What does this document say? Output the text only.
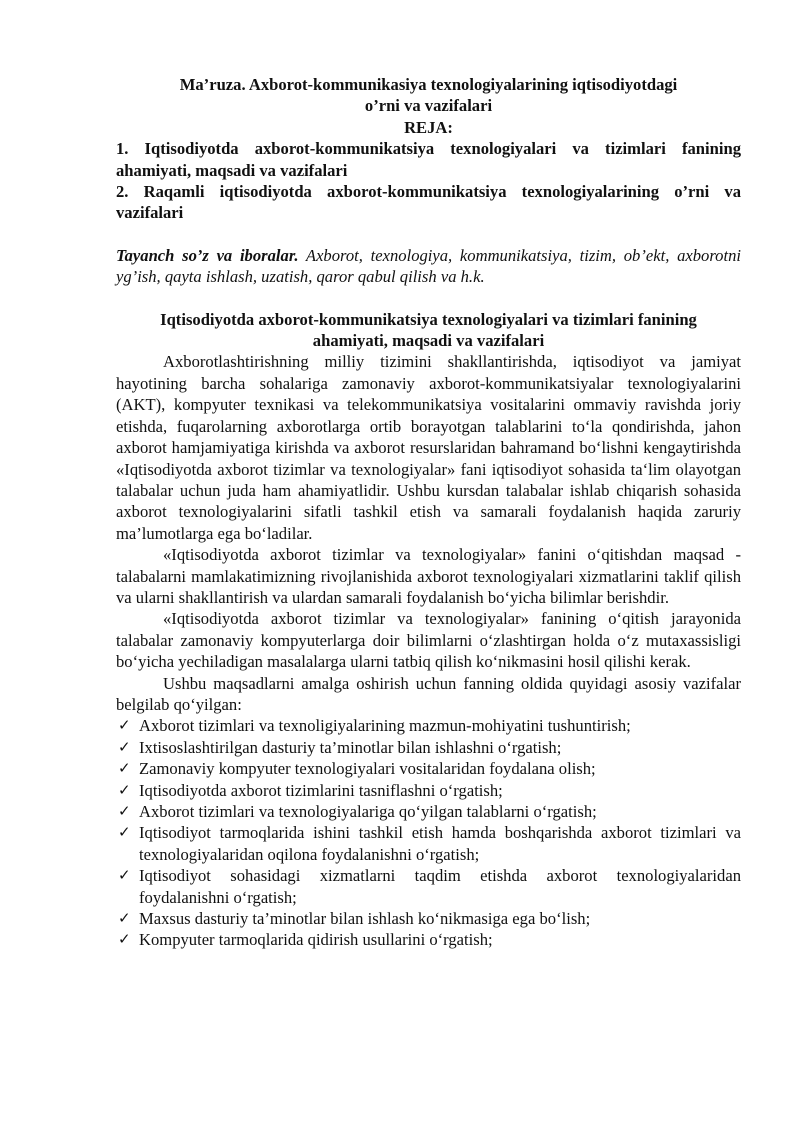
Ma’ruza. Axborot-kommunikasiya texnologiyalarining iqtisodiyotdagi
o’rni va vazifalari
REJA:
1. Iqtisodiyotda axborot-kommunikatsiya texnologiyalari va tizimlari fanining ahamiyati, maqsadi va vazifalari
2. Raqamli iqtisodiyotda axborot-kommunikatsiya texnologiyalarining o’rni va vazifalari
Tayanch so’z va iboralar. Axborot, texnologiya, kommunikatsiya, tizim, ob’ekt, axborotni yg’ish, qayta ishlash, uzatish, qaror qabul qilish va h.k.
Iqtisodiyotda axborot-kommunikatsiya texnologiyalari va tizimlari fanining
ahamiyati, maqsadi va vazifalari
Axborotlashtirishning milliy tizimini shakllantirishda, iqtisodiyot va jamiyat hayotining barcha sohalariga zamonaviy axborot-kommunikatsiyalar texnologiyalarini (AKT), kompyuter texnikasi va telekommunikatsiya vositalarini ommaviy ravishda joriy etishda, fuqarolarning axborotlarga ortib borayotgan talablarini to‘la qondirishda, jahon axborot hamjamiyatiga kirishda va axborot resurslaridan bahramand bo‘lishni kengaytirishda «Iqtisodiyotda axborot tizimlar va texnologiyalar» fani iqtisodiyot sohasida ta‘lim olayotgan talabalar uchun juda ham ahamiyatlidir. Ushbu kursdan talabalar ishlab chiqarish sohasida axborot texnologiyalarini sifatli tashkil etish va samarali foydalanish haqida zaruriy ma’lumotlarga ega bo‘ladilar.
«Iqtisodiyotda axborot tizimlar va texnologiyalar» fanini o‘qitishdan maqsad - talabalarni mamlakatimizning rivojlanishida axborot texnologiyalari xizmatlarini taklif qilish va ularni shakllantirish va ulardan samarali foydalanish bo‘yicha bilimlar berishdir.
«Iqtisodiyotda axborot tizimlar va texnologiyalar» fanining o‘qitish jarayonida talabalar zamonaviy kompyuterlarga doir bilimlarni o‘zlashtirgan holda o‘z mutaxassisligi bo‘yicha yechiladigan masalalarga ularni tatbiq qilish ko‘nikmasini hosil qilishi kerak.
Ushbu maqsadlarni amalga oshirish uchun fanning oldida quyidagi asosiy vazifalar belgilab qo‘yilgan:
✓ Axborot tizimlari va texnoligiyalarining mazmun-mohiyatini tushuntirish;
✓ Ixtisoslashtirilgan dasturiy ta’minotlar bilan ishlashni o‘rgatish;
✓ Zamonaviy kompyuter texnologiyalari vositalaridan foydalana olish;
✓ Iqtisodiyotda axborot tizimlarini tasniflashni o‘rgatish;
✓ Axborot tizimlari va texnologiyalariga qo‘yilgan talablarni o‘rgatish;
✓ Iqtisodiyot tarmoqlarida ishini tashkil etish hamda boshqarishda axborot tizimlari va texnologiyalaridan oqilona foydalanishni o‘rgatish;
✓ Iqtisodiyot sohasidagi xizmatlarni taqdim etishda axborot texnologiyalaridan foydalanishni o‘rgatish;
✓ Maxsus dasturiy ta’minotlar bilan ishlash ko‘nikmasiga ega bo‘lish;
✓ Kompyuter tarmoqlarida qidirish usullarini o‘rgatish;
